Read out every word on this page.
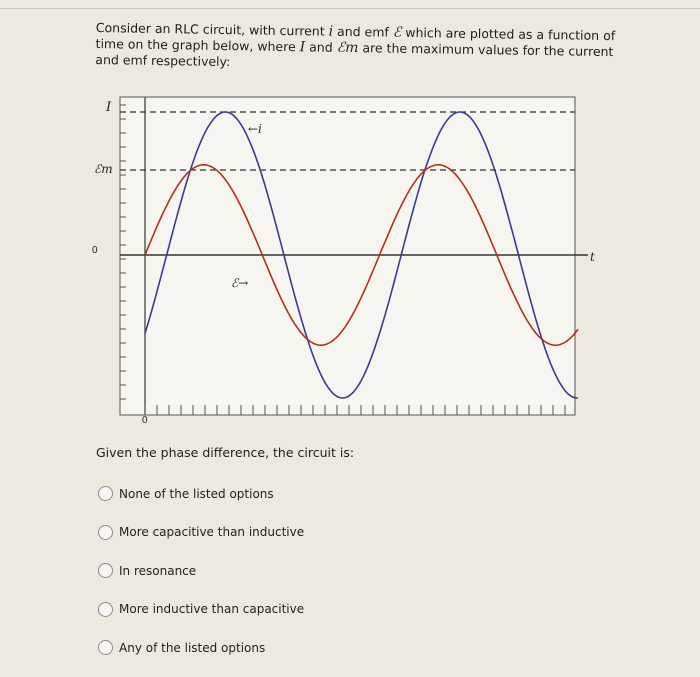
Consider an RLC circuit, with current i and emf ℰ which are plotted as a function of
time on the graph below, where I and ℰm are the maximum values for the current
and emf respectively:
I
ℰm
0
0
t
←i
ℰ→
Given the phase difference, the circuit is:
None of the listed options
More capacitive than inductive
In resonance
More inductive than capacitive
Any of the listed options
